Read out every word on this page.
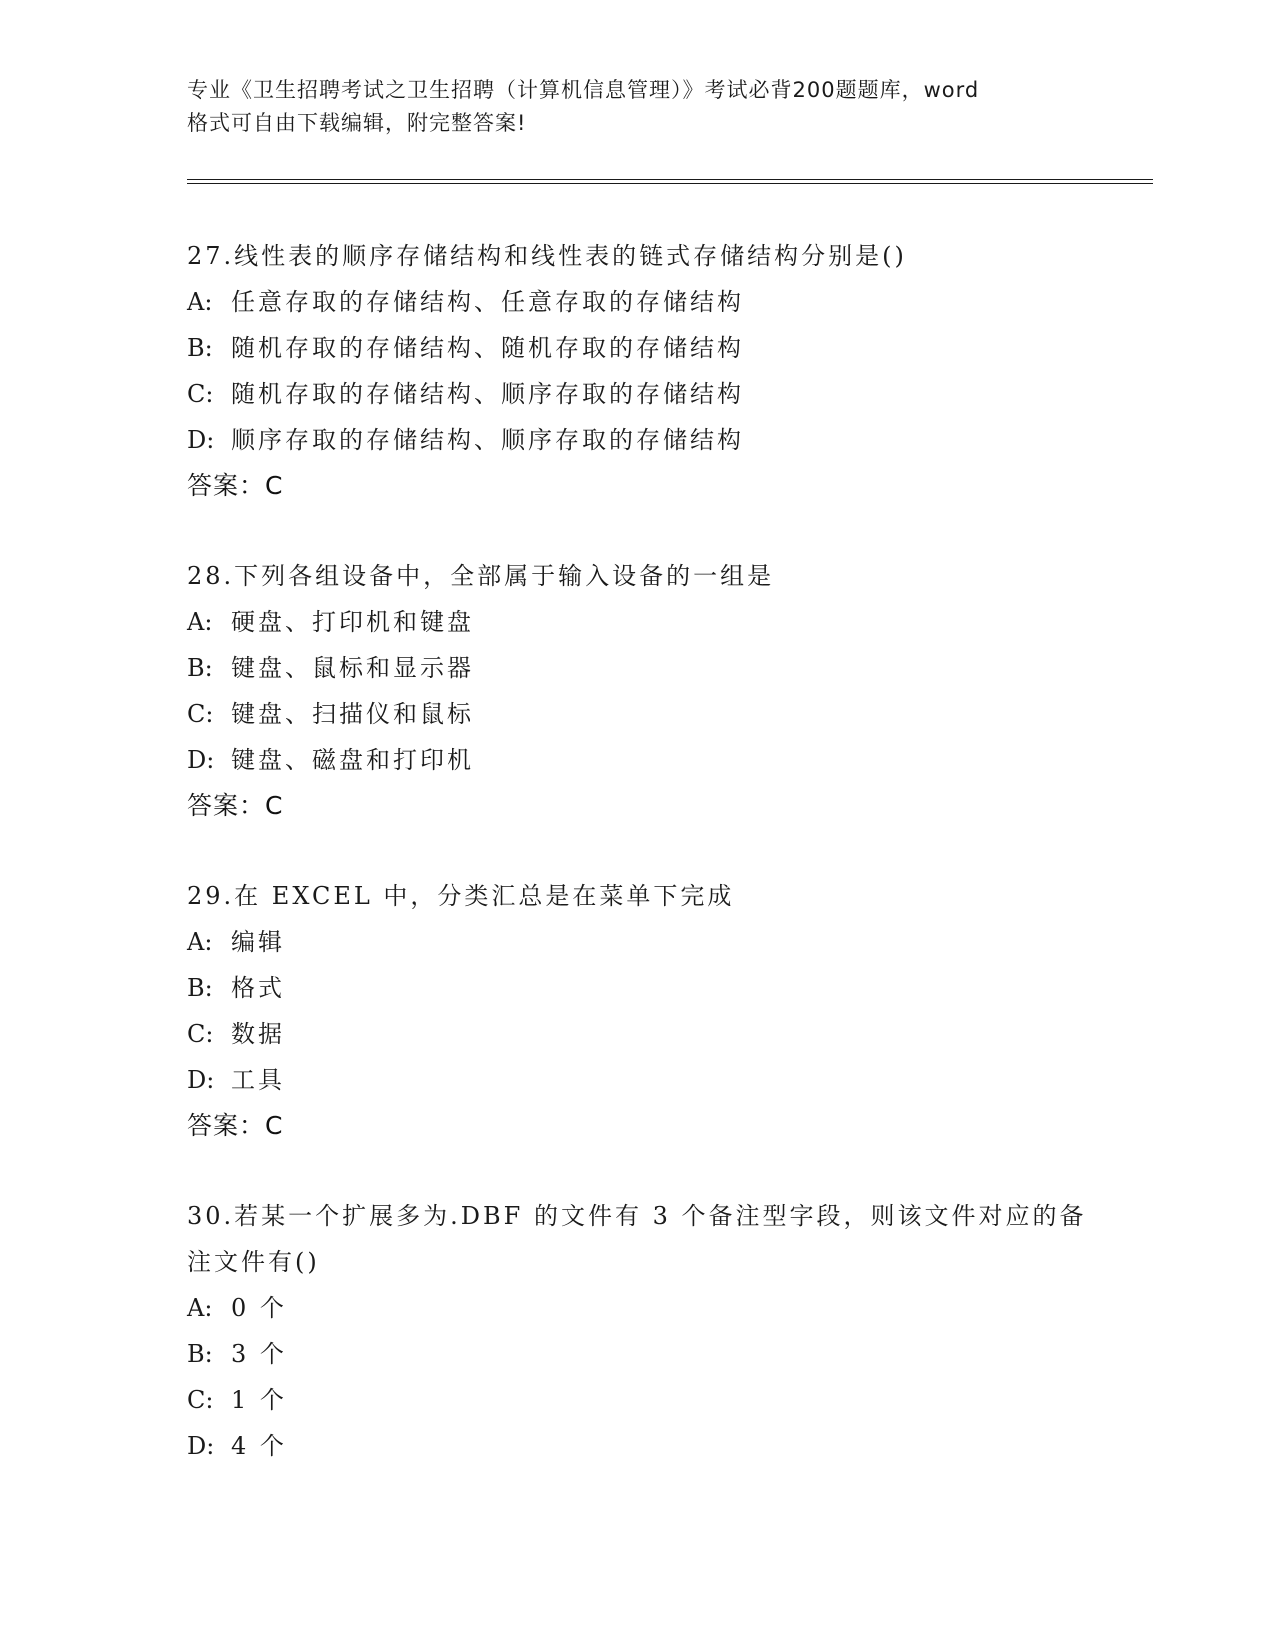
专业《卫生招聘考试之卫生招聘（计算机信息管理）》考试必背200题题库，word
格式可自由下载编辑，附完整答案!
27.线性表的顺序存储结构和线性表的链式存储结构分别是()
A: 任意存取的存储结构、任意存取的存储结构
B: 随机存取的存储结构、随机存取的存储结构
C: 随机存取的存储结构、顺序存取的存储结构
D: 顺序存取的存储结构、顺序存取的存储结构
答案：C
28.下列各组设备中，全部属于输入设备的一组是
A: 硬盘、打印机和键盘
B: 键盘、鼠标和显示器
C: 键盘、扫描仪和鼠标
D: 键盘、磁盘和打印机
答案：C
29.在 EXCEL 中，分类汇总是在菜单下完成
A: 编辑
B: 格式
C: 数据
D: 工具
答案：C
30.若某一个扩展多为.DBF 的文件有 3 个备注型字段，则该文件对应的备注文件有()
A: 0 个
B: 3 个
C: 1 个
D: 4 个
